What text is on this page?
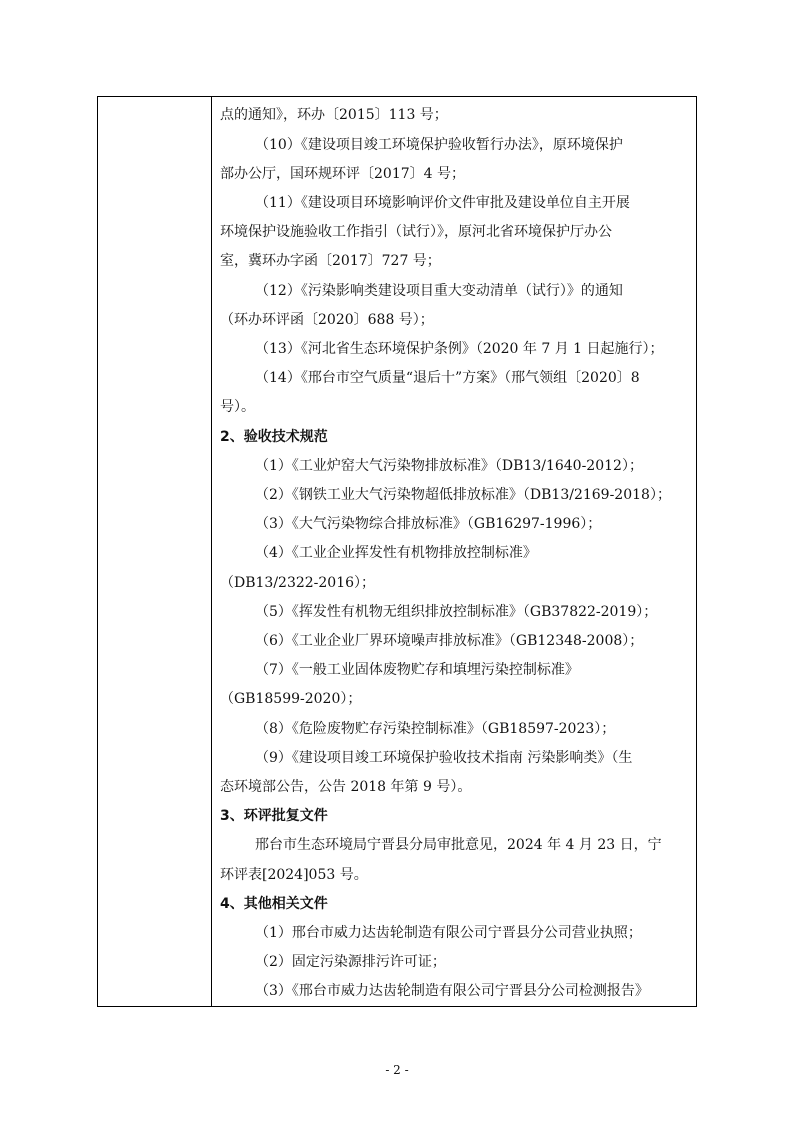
点的通知》，环办〔2015〕113 号；
（10）《建设项目竣工环境保护验收暂行办法》，原环境保护
部办公厅，国环规环评〔2017〕4 号；
（11）《建设项目环境影响评价文件审批及建设单位自主开展
环境保护设施验收工作指引（试行）》，原河北省环境保护厅办公
室，冀环办字函〔2017〕727 号；
（12）《污染影响类建设项目重大变动清单（试行）》的通知
（环办环评函〔2020〕688 号）；
（13）《河北省生态环境保护条例》（2020 年 7 月 1 日起施行）；
（14）《邢台市空气质量“退后十”方案》（邢气领组〔2020〕8
号）。
2、验收技术规范
（1）《工业炉窑大气污染物排放标准》（DB13/1640-2012）；
（2）《钢铁工业大气污染物超低排放标准》（DB13/2169-2018）；
（3）《大气污染物综合排放标准》（GB16297-1996）；
（4）《工业企业挥发性有机物排放控制标准》
（DB13/2322-2016）；
（5）《挥发性有机物无组织排放控制标准》（GB37822-2019）；
（6）《工业企业厂界环境噪声排放标准》（GB12348-2008）；
（7）《一般工业固体废物贮存和填埋污染控制标准》
（GB18599-2020）；
（8）《危险废物贮存污染控制标准》（GB18597-2023）；
（9）《建设项目竣工环境保护验收技术指南 污染影响类》（生
态环境部公告，公告 2018 年第 9 号）。
3、环评批复文件
邢台市生态环境局宁晋县分局审批意见，2024 年 4 月 23 日，宁
环评表[2024]053 号。
4、其他相关文件
（1）邢台市威力达齿轮制造有限公司宁晋县分公司营业执照；
（2）固定污染源排污许可证；
（3）《邢台市威力达齿轮制造有限公司宁晋县分公司检测报告》
- 2 -
